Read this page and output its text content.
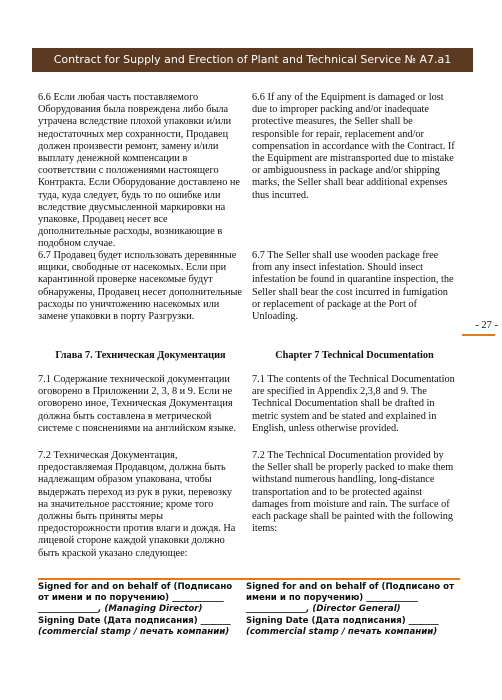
Contract for Supply and Erection of Plant and Technical Service № A7.a1
6.6 Если любая часть поставляемого Оборудования была повреждена либо была утрачена вследствие плохой упаковки и/или недостаточных мер сохранности, Продавец должен произвести ремонт, замену и/или выплату денежной компенсации в соответствии с положениями настоящего Контракта. Если Оборудование доставлено не туда, куда следует, будь то по ошибке или вследствие двусмысленной маркировки на упаковке, Продавец несет все дополнительные расходы, возникающие в подобном случае.
6.6 If any of the Equipment is damaged or lost due to improper packing and/or inadequate protective measures, the Seller shall be responsible for repair, replacement and/or compensation in accordance with the Contract. If the Equipment are mistransported due to mistake or ambiguousness in package and/or shipping marks, the Seller shall bear additional expenses thus incurred.
6.7 Продавец будет использовать деревянные ящики, свободные от насекомых. Если при карантинной проверке насекомые будут обнаружены, Продавец несет дополнительные расходы по уничтожению насекомых или замене упаковки в порту Разгрузки.
6.7 The Seller shall use wooden package free from any insect infestation. Should insect infestation be found in quarantine inspection, the Seller shall bear the cost incurred in fumigation or replacement of package at the Port of Unloading.
- 27 -
Глава 7. Техническая Документация	Chapter 7 Technical Documentation
7.1 Содержание технической документации оговорено в Приложении 2, 3, 8 и 9. Если не оговорено иное, Техническая Документация должна быть составлена в метрической системе с пояснениями на английском языке.
7.1 The contents of the Technical Documentation are specified in Appendix 2,3,8 and 9. The Technical Documentation shall be drafted in metric system and be stated and explained in English, unless otherwise provided.
7.2 Техническая Документация, предоставляемая Продавцом, должна быть надлежащим образом упакована, чтобы выдержать переход из рук в руки, перевозку на значительное расстояние; кроме того должны быть приняты меры предосторожности против влаги и дождя. На лицевой стороне каждой упаковки должно быть краской указано следующее:
7.2 The Technical Documentation provided by the Seller shall be properly packed to make them withstand numerous handling, long-distance transportation and to be protected against damages from moisture and rain. The surface of each package shall be painted with the following items:
Signed for and on behalf of (Подписано от имени и по поручению) ____________
______________, (Managing Director)
Signing Date (Дата подписания) _______
(commercial stamp / печать компании)
Signed for and on behalf of (Подписано от имени и по поручению) ____________
______________, (Director General)
Signing Date (Дата подписания) _______
(commercial stamp / печать компании)
